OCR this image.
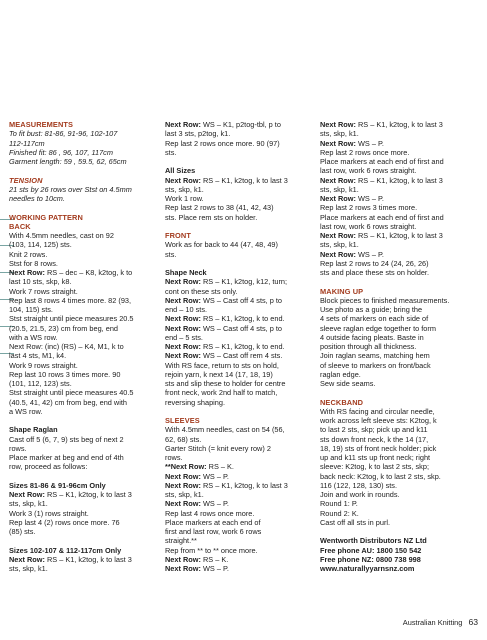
MEASUREMENTS
To fit bust: 81-86, 91-96, 102-107
112-117cm
Finished fit: 86 , 96, 107, 117cm
Garment length: 59 , 59.5, 62, 65cm
TENSION
21 sts by 26 rows over Stst on 4.5mm
needles to 10cm.
WORKING PATTERN
BACK
With 4.5mm needles, cast on 92
(103, 114, 125) sts.
Knit 2 rows.
Stst for 8 rows.
Next Row: RS – dec – K8, k2tog, k to
last 10 sts, skp, k8.
Work 7 rows straight.
Rep last 8 rows 4 times more. 82 (93,
104, 115) sts.
Stst straight until piece measures 20.5
(20.5, 21.5, 23) cm from beg, end
with a WS row.
Next Row: (inc) (RS) – K4, M1, k to
last 4 sts, M1, k4.
Work 9 rows straight.
Rep last 10 rows 3 times more. 90
(101, 112, 123) sts.
Stst straight until piece measures 40.5
(40.5, 41, 42) cm from beg, end with
a WS row.
Shape Raglan
Cast off 5 (6, 7, 9) sts beg of next 2
rows.
Place marker at beg and end of 4th
row, proceed as follows:
Sizes 81-86 & 91-96cm Only
Next Row: RS – K1, k2tog, k to last 3
sts, skp, k1.
Work 3 (1) rows straight.
Rep last 4 (2) rows once more. 76
(85) sts.
Sizes 102-107 & 112-117cm Only
Next Row: RS – K1, k2tog, k to last 3
sts, skp, k1.
Next Row: WS – K1, p2tog-tbl, p to
last 3 sts, p2tog, k1.
Rep last 2 rows once more. 90 (97)
sts.
All Sizes
Next Row: RS – K1, k2tog, k to last 3
sts, skp, k1.
Work 1 row.
Rep last 2 rows to 38 (41, 42, 43)
sts. Place rem sts on holder.
FRONT
Work as for back to 44 (47, 48, 49)
sts.
Shape Neck
Next Row: RS – K1, k2tog, k12, turn;
cont on these sts only.
Next Row: WS – Cast off 4 sts, p to
end – 10 sts.
Next Row: RS – K1, k2tog, k to end.
Next Row: WS – Cast off 4 sts, p to
end – 5 sts.
Next Row: RS – K1, k2tog, k to end.
Next Row: WS – Cast off rem 4 sts.
With RS face, return to sts on hold,
rejoin yarn, k next 14 (17, 18, 19)
sts and slip these to holder for centre
front neck, work 2nd half to match,
reversing shaping.
SLEEVES
With 4.5mm needles, cast on 54 (56,
62, 68) sts.
Garter Stitch (= knit every row) 2
rows.
**Next Row: RS – K.
Next Row: WS – P.
Next Row: RS – K1, k2tog, k to last 3
sts, skp, k1.
Next Row: WS – P.
Rep last 4 rows once more.
Place markers at each end of
first and last row, work 6 rows
straight.**
Rep from ** to ** once more.
Next Row: RS – K.
Next Row: WS – P.
Next Row: RS – K1, k2tog, k to last 3
sts, skp, k1.
Next Row: WS – P.
Rep last 2 rows once more.
Place markers at each end of first and
last row, work 6 rows straight.
Next Row: RS – K1, k2tog, k to last 3
sts, skp, k1.
Next Row: WS – P.
Rep last 2 rows 3 times more.
Place markers at each end of first and
last row, work 6 rows straight.
Next Row: RS – K1, k2tog, k to last 3
sts, skp, k1.
Next Row: WS – P.
Rep last 2 rows to 24 (24, 26, 26)
sts and place these sts on holder.
MAKING UP
Block pieces to finished measurements.
Use photo as a guide; bring the
4 sets of markers on each side of
sleeve raglan edge together to form
4 outside facing pleats. Baste in
position through all thickness.
Join raglan seams, matching hem
of sleeve to markers on front/back
raglan edge.
Sew side seams.
NECKBAND
With RS facing and circular needle,
work across left sleeve sts: K2tog, k
to last 2 sts, skp; pick up and k11
sts down front neck, k the 14 (17,
18, 19) sts of front neck holder; pick
up and k11 sts up front neck; right
sleeve: K2tog, k to last 2 sts, skp;
back neck: K2tog, k to last 2 sts, skp.
116 (122, 128, 130) sts.
Join and work in rounds.
Round 1: P.
Round 2: K.
Cast off all sts in purl.
Wentworth Distributors NZ Ltd
Free phone AU: 1800 150 542
Free phone NZ: 0800 738 998
www.naturallyyarnsnz.com
Australian Knitting 63
